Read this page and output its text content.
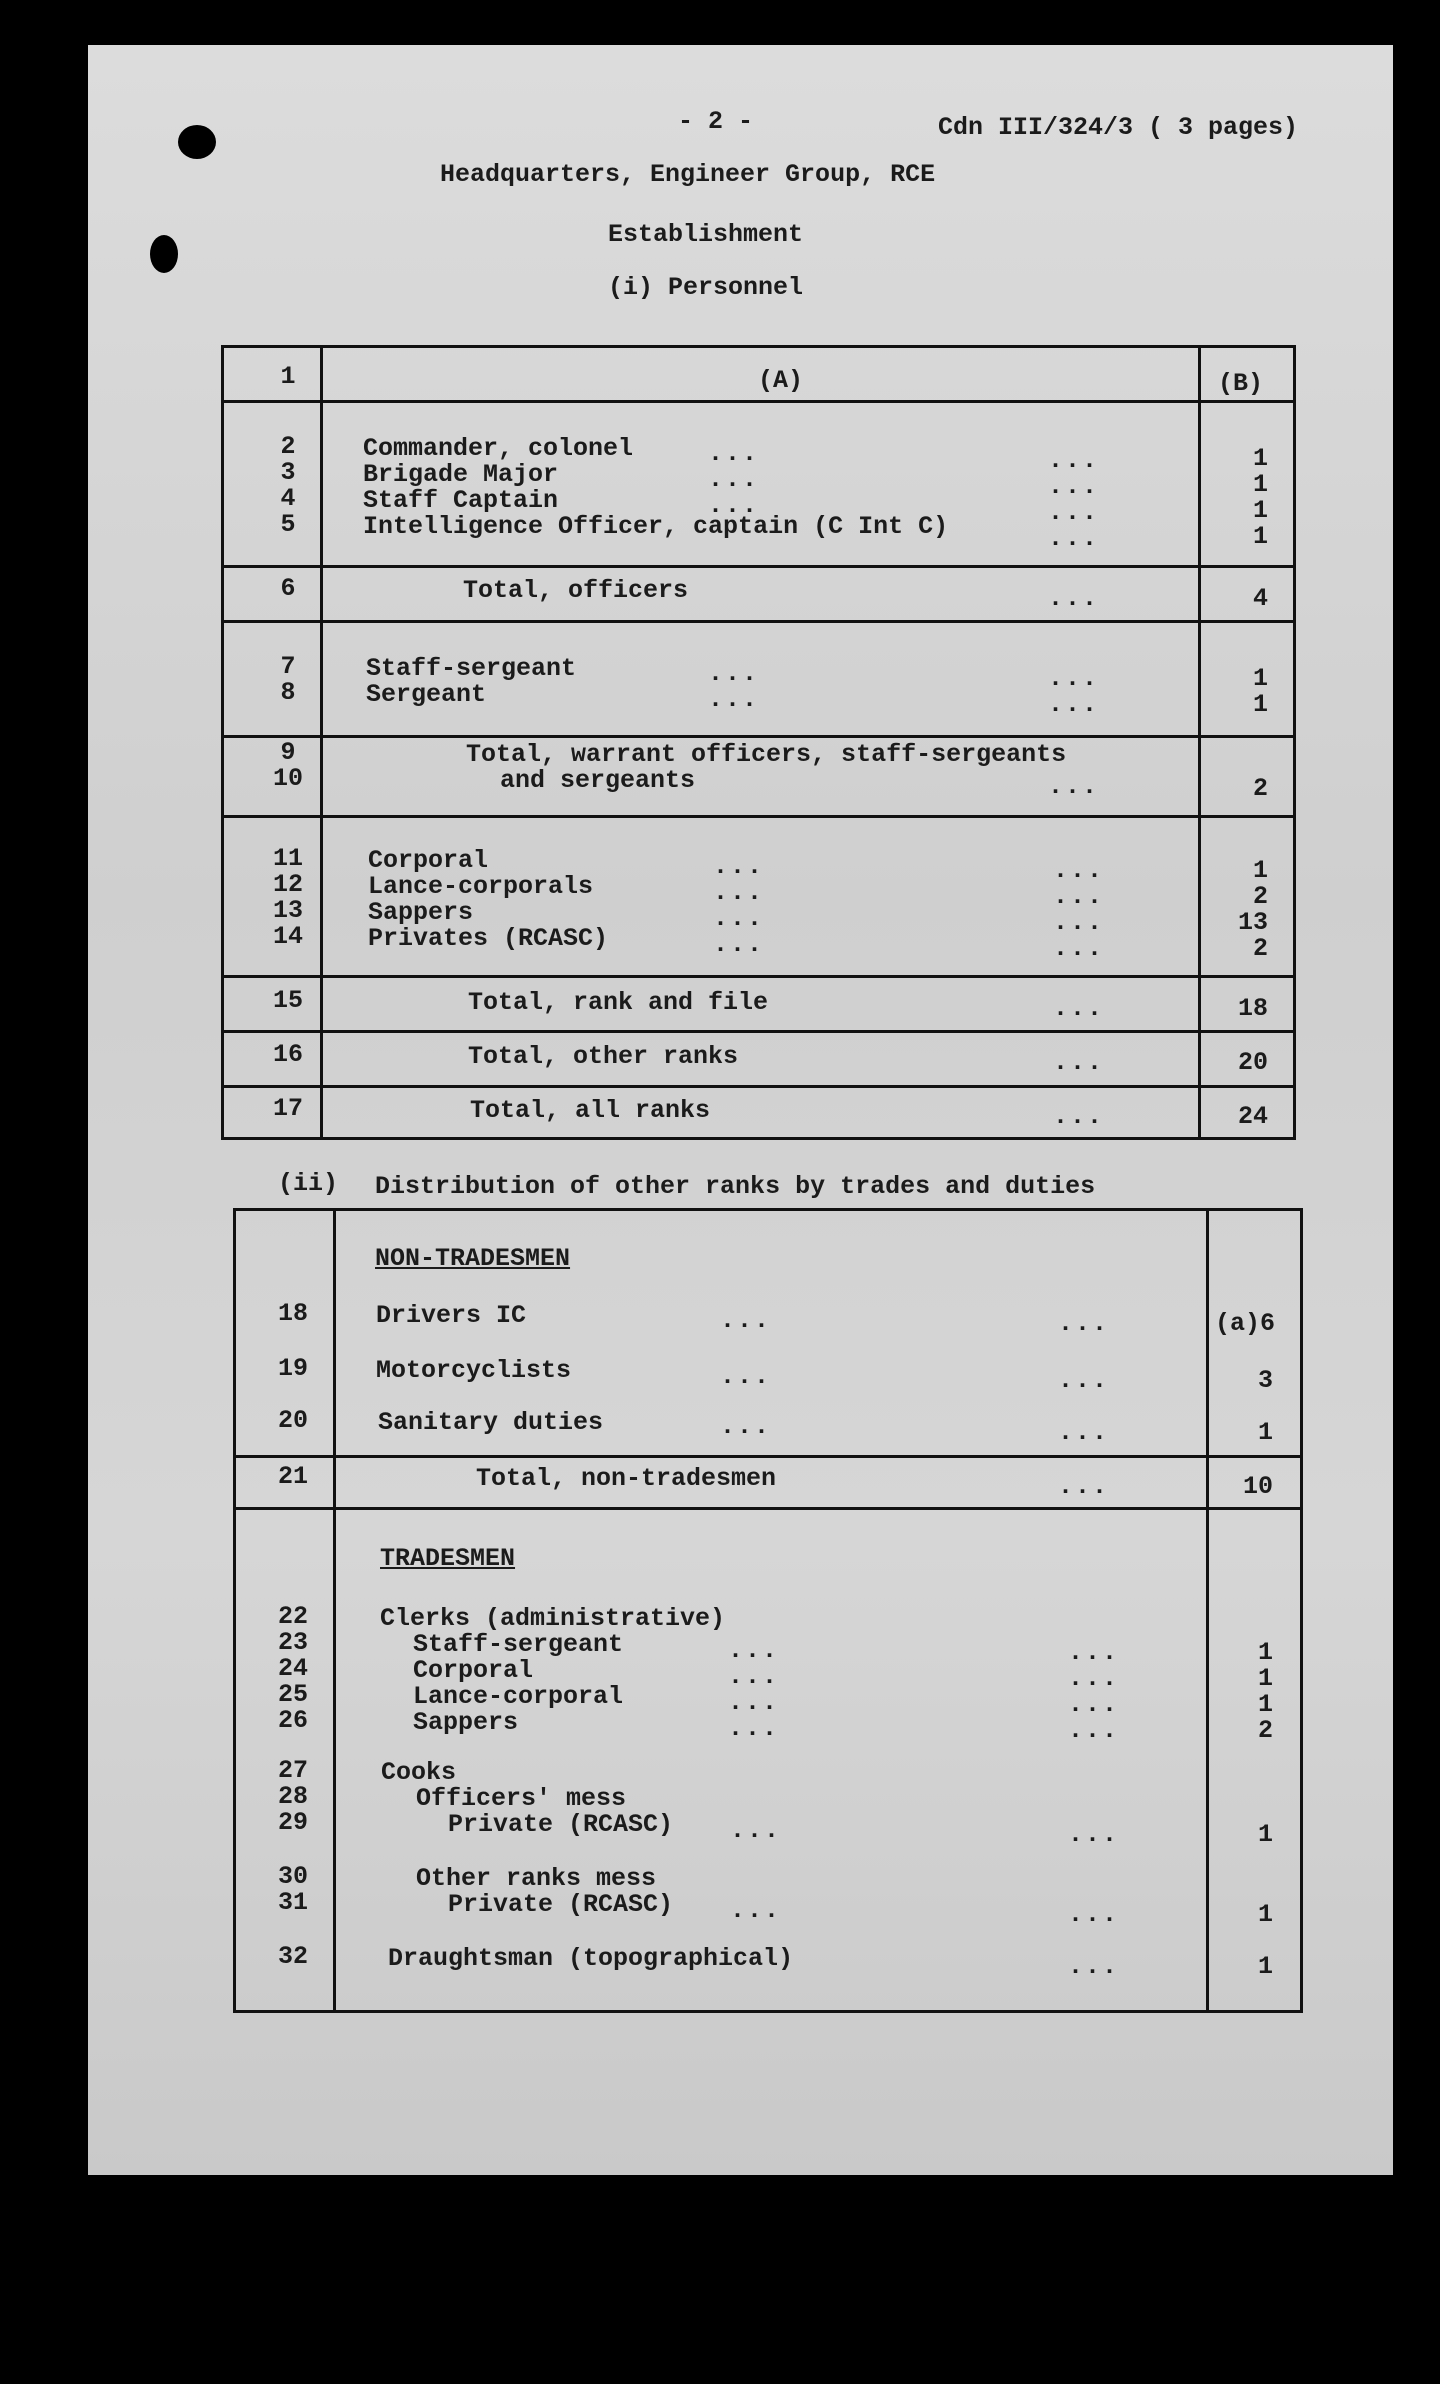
- 2 -	Cdn III/324/3 ( 3 pages)
Headquarters, Engineer Group, RCE
Establishment
(i) Personnel
1	(A)	(B)
2	Commander, colonel	...	...	1
3	Brigade Major	...	...	1
4	Staff Captain	...	...	1
5	Intelligence Officer, captain (C Int C)	...	1
6	Total, officers	...	4
7	Staff-sergeant	...	...	1
8	Sergeant	...	...	1
9	Total, warrant officers, staff-sergeants
10	and sergeants	...	2
11	Corporal	...	...	1
12	Lance-corporals	...	...	2
13	Sappers	...	...	13
14	Privates (RCASC)	...	...	2
15	Total, rank and file	...	18
16	Total, other ranks	...	20
17	Total, all ranks	...	24
(ii) Distribution of other ranks by trades and duties
NON-TRADESMEN
18	Drivers IC	...	...	(a)6
19	Motorcyclists	...	...	3
20	Sanitary duties	...	...	1
21	Total, non-tradesmen	...	10
TRADESMEN
22	Clerks (administrative)
23	Staff-sergeant	...	...	1
24	Corporal	...	...	1
25	Lance-corporal	...	...	1
26	Sappers	...	...	2
27	Cooks
28	Officers' mess
29	Private (RCASC) ...	...	1
30	Other ranks mess
31	Private (RCASC) ...	...	1
32	Draughtsman (topographical)	...	1
